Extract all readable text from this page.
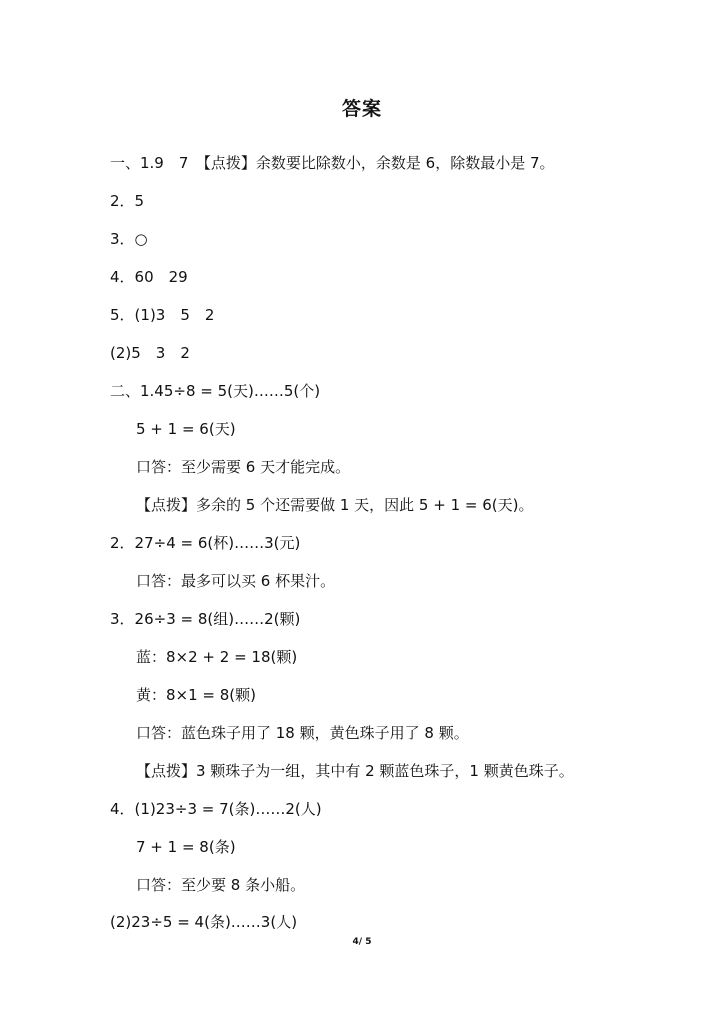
答案
一、1.9　7　【点拨】余数要比除数小，余数是 6，除数最小是 7。
2．5
3．○
4．60　29
5．(1)3　5　2
(2)5　3　2
二、1.45÷8 = 5(天)……5(个)
5 + 1 = 6(天)
口答：至少需要 6 天才能完成。
【点拨】多余的 5 个还需要做 1 天，因此 5 + 1 = 6(天)。
2．27÷4 = 6(杯)……3(元)
口答：最多可以买 6 杯果汁。
3．26÷3 = 8(组)……2(颗)
蓝：8×2 + 2 = 18(颗)
黄：8×1 = 8(颗)
口答：蓝色珠子用了 18 颗，黄色珠子用了 8 颗。
【点拨】3 颗珠子为一组，其中有 2 颗蓝色珠子，1 颗黄色珠子。
4．(1)23÷3 = 7(条)……2(人)
7 + 1 = 8(条)
口答：至少要 8 条小船。
(2)23÷5 = 4(条)……3(人)
4/ 5
